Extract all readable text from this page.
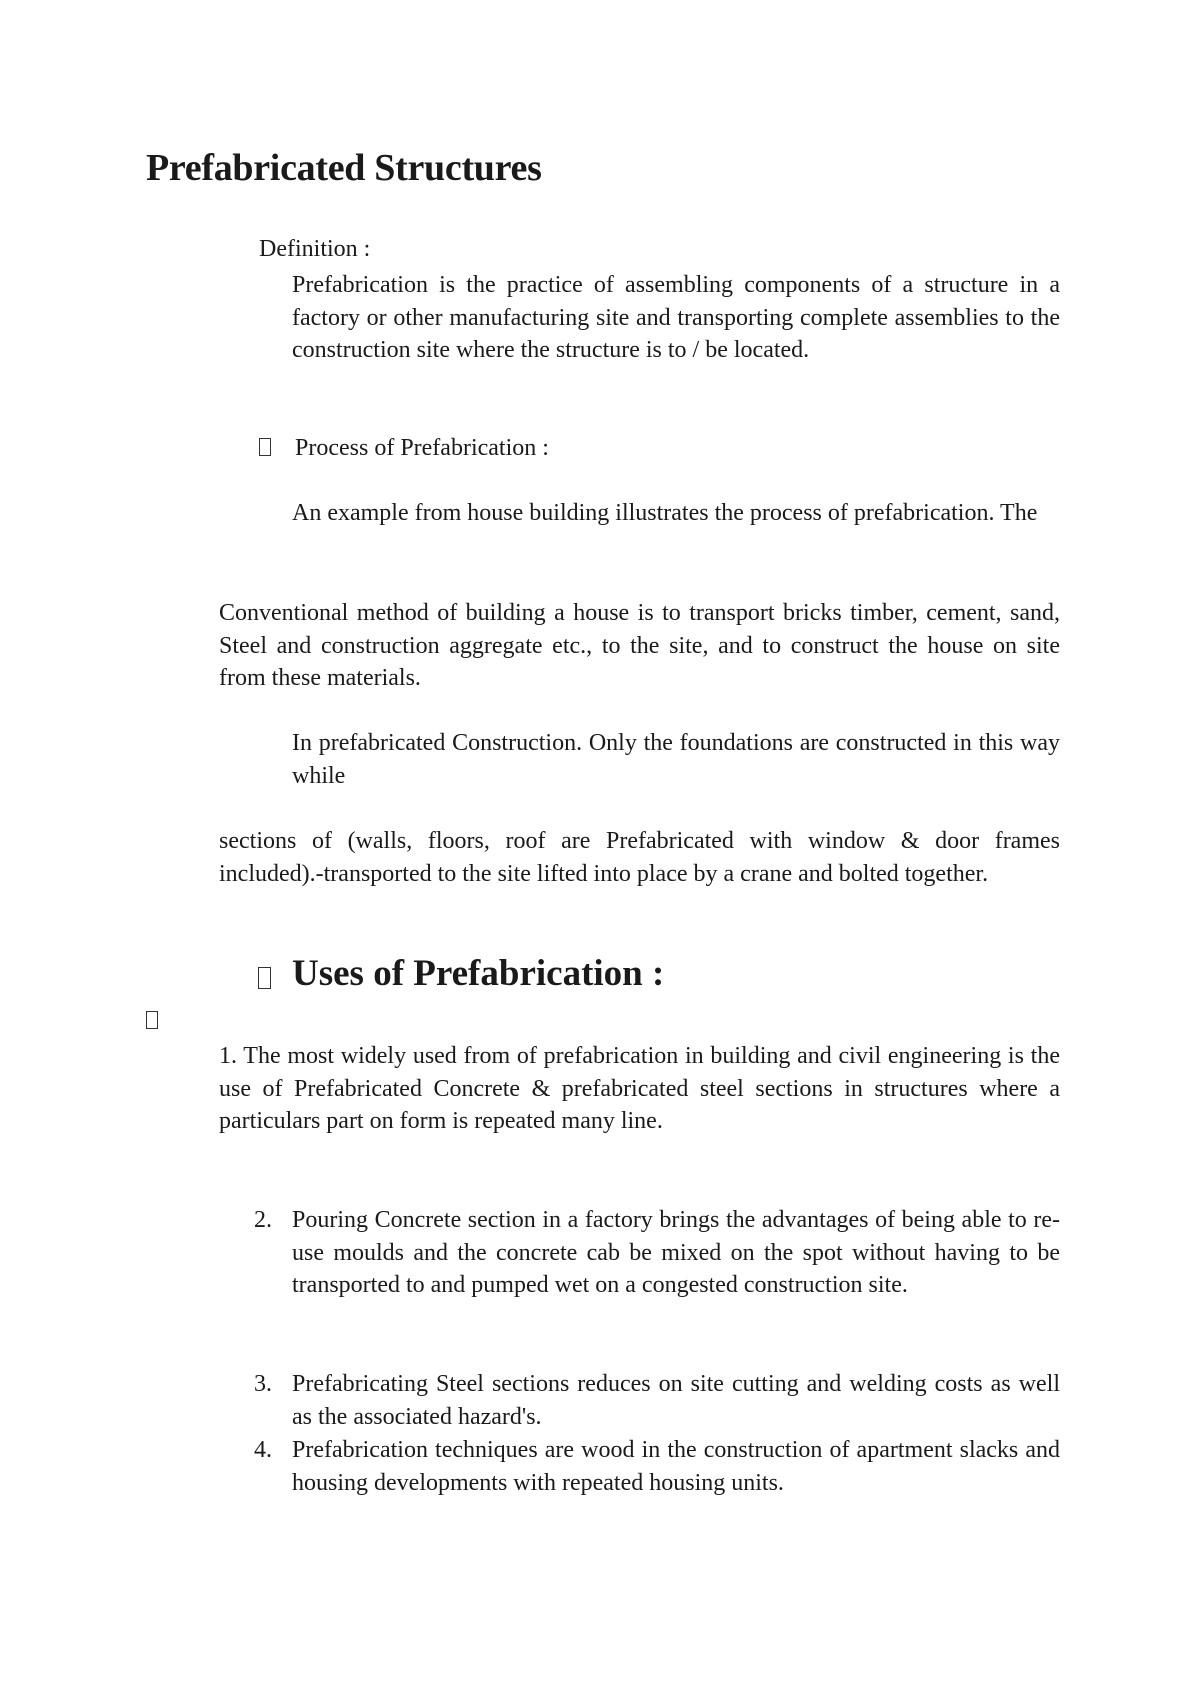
Prefabricated Structures
Definition :

Prefabrication is the practice of assembling components of a structure in a factory or other manufacturing site and transporting complete assemblies to the construction site where the structure is to / be located.

Process of Prefabrication :

An example from house building illustrates the process of prefabrication. The

Conventional method of building a house is to transport bricks timber, cement, sand, Steel and construction aggregate etc., to the site, and to construct the house on site from these materials.

In prefabricated Construction. Only the foundations are constructed in this way while

sections of (walls, floors, roof are Prefabricated with window & door frames included).-transported to the site lifted into place by a crane and bolted together.

Uses of Prefabrication :

1. The most widely used from of prefabrication in building and civil engineering is the use of Prefabricated Concrete & prefabricated steel sections in structures where a particulars part on form is repeated many line.

2. Pouring Concrete section in a factory brings the advantages of being able to re-use moulds and the concrete cab be mixed on the spot without having to be transported to and pumped wet on a congested construction site.

3. Prefabricating Steel sections reduces on site cutting and welding costs as well as the associated hazard's.

4. Prefabrication techniques are wood in the construction of apartment slacks and housing developments with repeated housing units.
